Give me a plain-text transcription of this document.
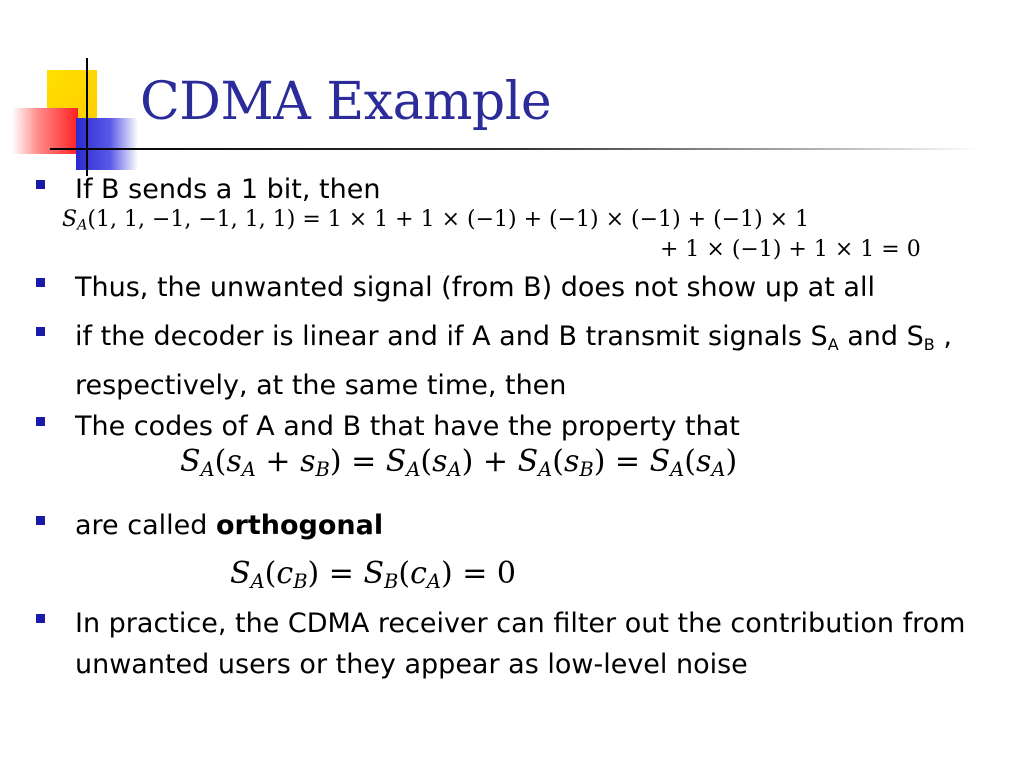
CDMA Example
If B sends a 1 bit, then
$S_A(1$, 1, −1, −1, 1, 1) = 1 × 1 + 1 × (−1) + (−1) × (−1) + (−1) × 1
+ 1 × (−1) + 1 × 1 = 0
Thus, the unwanted signal (from B) does not show up at all
if the decoder is linear and if A and B transmit signals $S_A$ and $S_B$ , respectively, at the same time, then
The codes of A and B that have the property that
$S_A(s_A + s_B) = S_A(s_A) + S_A(s_B) = S_A(s_A)$
are called orthogonal
$S_A(c_B) = S_B(c_A) = 0$
In practice, the CDMA receiver can filter out the contribution from unwanted users or they appear as low-level noise
